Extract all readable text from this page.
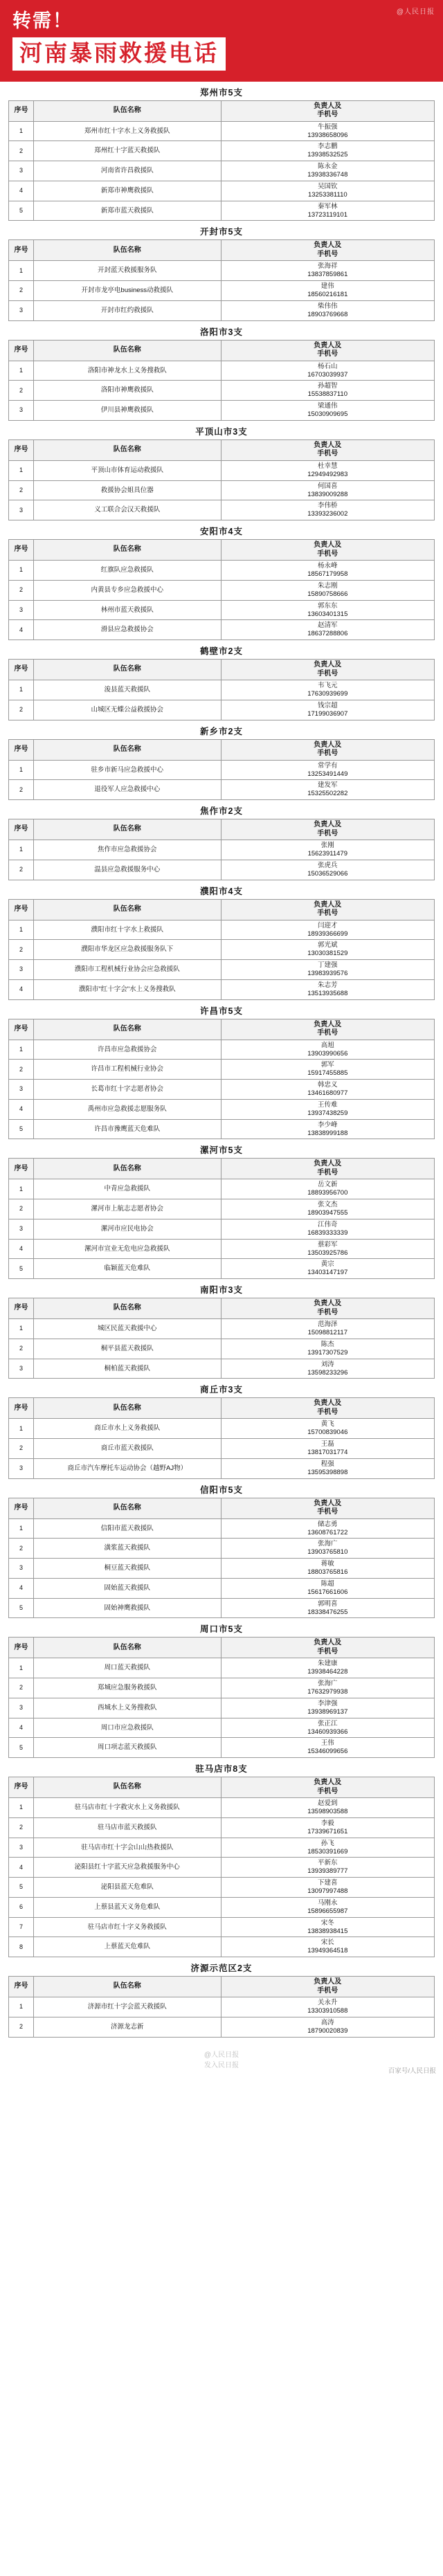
@人民日报
转需！
河南暴雨救援电话
郑州市5支
序号	队伍名称	负责人及
手机号

1	郑州市红十字水上义务救援队	牛振强
13938658096

2	郑州红十字蓝天救援队	李志鹏
13938532525

3	河南省许昌救援队	陈永金
13938336748

4	新郑市神鹰救援队	吴国钦
13253381110

5	新郑市蓝天救援队	秦军林
13723119101
开封市5支
序号	队伍名称	负责人及
手机号

1	开封蓝天救援服务队	张海祥
13837859861

2	开封市龙亭电business动救援队	建伟
18560216181

3	开封市红约救援队	柴伟伟
18903769668
洛阳市3支
序号	队伍名称	负责人及
手机号

1	洛阳市神龙水上义务搜救队	杨石山
16703039937

2	洛阳市神鹰救援队	孙超智
15538837110

3	伊川县神鹰救援队	梁通伟
15030909695
平顶山市3支
序号	队伍名称	负责人及
手机号

1	平顶山市体育运动救援队	杜幸慧
12949492983

2	救援协会姐具位器	何国喜
13839009288

3	义工联合会汉天救援队	李伟桥
13393236002
安阳市4支
序号	队伍名称	负责人及
手机号

1	红旗队应急救援队	杨永峰
18567179958

2	内黄县专乡应急救援中心	朱志刚
15890758666

3	林州市蓝天救援队	郭东东
13603401315

4	滑县应急救援协会	赵清军
18637288806
鹤壁市2支
序号	队伍名称	负责人及
手机号

1	浚县蓝天救援队	韦飞元
17630939699

2	山城区无蝶公益救援协会	钱宗超
17199036907
新乡市2支
序号	队伍名称	负责人及
手机号

1	驻乡市新马应急救援中心	常学有
13253491449

2	退役军人应急救援中心	建发军
15325502282
焦作市2支
序号	队伍名称	负责人及
手机号

1	焦作市应急救援协会	张刚
15623911479

2	温县应急救援服务中心	张虎兵
15036529066
濮阳市4支
序号	队伍名称	负责人及
手机号

1	濮阳市红十字水上救援队	闫迎才
18939366699

2	濮阳市华龙区应急救援服务队下	郭光斌
13030381529

3	濮阳市工程机械行业协会应急救援队	丁建强
13983939576

4	濮阳市"红十字会"水上义务搜救队	朱志芳
13513935688
许昌市5支
序号	队伍名称	负责人及
手机号

1	许昌市应急救援协会	高旭
13903990656

2	许昌市工程机械行业协会	郭军
15917455885

3	长葛市红十字志愿者协会	韩忠义
13461680977

4	禹州市应急救援志愿服务队	王传难
13937438259

5	许昌市豫鹰蓝天危难队	李少峰
13838999188
漯河市5支
序号	队伍名称	负责人及
手机号

1	中青应急救援队	岳文新
18893956700

2	漯河市上航志志愿者协会	张文杰
18903947555

3	漯河市应民电协会	江伟奇
16839333339

4	漯河市宣业无危电应急救援队	蔡彩军
13503925786

5	临颖蓝天危难队	黄宗
13403147197
南阳市3支
序号	队伍名称	负责人及
手机号

1	城区民蓝天救援中心	范海泽
15098812117

2	桐平县蓝天救援队	陈杰
13917307529

3	桐柏蓝天救援队	刘涛
13598233296
商丘市3支
序号	队伍名称	负责人及
手机号

1	商丘市水上义务救援队	黄飞
15700839046

2	商丘市蓝天救援队	王磊
13817031774

3	商丘市汽车摩托车运动协会（越野AJ物）	程强
13595398898
信阳市5支
序号	队伍名称	负责人及
手机号

1	信阳市蓝天救援队	储志勇
13608761722

2	潢浆蓝天救援队	张海广
13903765810

3	桐豆蓝天救援队	蒋敏
18803765816

4	固始蓝天救援队	陈超
15617661606

5	固始神鹰救援队	郭明喜
18338476255
周口市5支
序号	队伍名称	负责人及
手机号

1	周口蓝天救援队	朱建康
13938464228

2	郑城应急服务救援队	张海广
17632979938

3	西城水上义务搜救队	李津强
13938969137

4	周口市应急救援队	张正江
13460939366

5	周口项志蓝天救援队	王伟
15346099656
驻马店市8支
序号	队伍名称	负责人及
手机号

1	驻马店市红十字救灾水上义务救援队	赵爱到
13598903588

2	驻马店市蓝天救援队	李毅
17339671651

3	驻马店市红十字会山山热救援队	孙飞
18530391669

4	泌阳县红十字蓝天应急救援服务中心	平新东
13939389777

5	泌阳县蓝天危难队	下建喜
13097997488

6	上蔡县蓝天义务危难队	马刚永
15896655987

7	驻马店市红十字义务救援队	宋冬
13838938415

8	上蔡蓝天危难队	宋长
13949364518
济源示范区2支
序号	队伍名称	负责人及
手机号

1	济源市红十字会蓝天救援队	关永升
13303910588

2	济源龙志新	高涛
18790020839
@人民日报
发入民日报
百家号/人民日报
